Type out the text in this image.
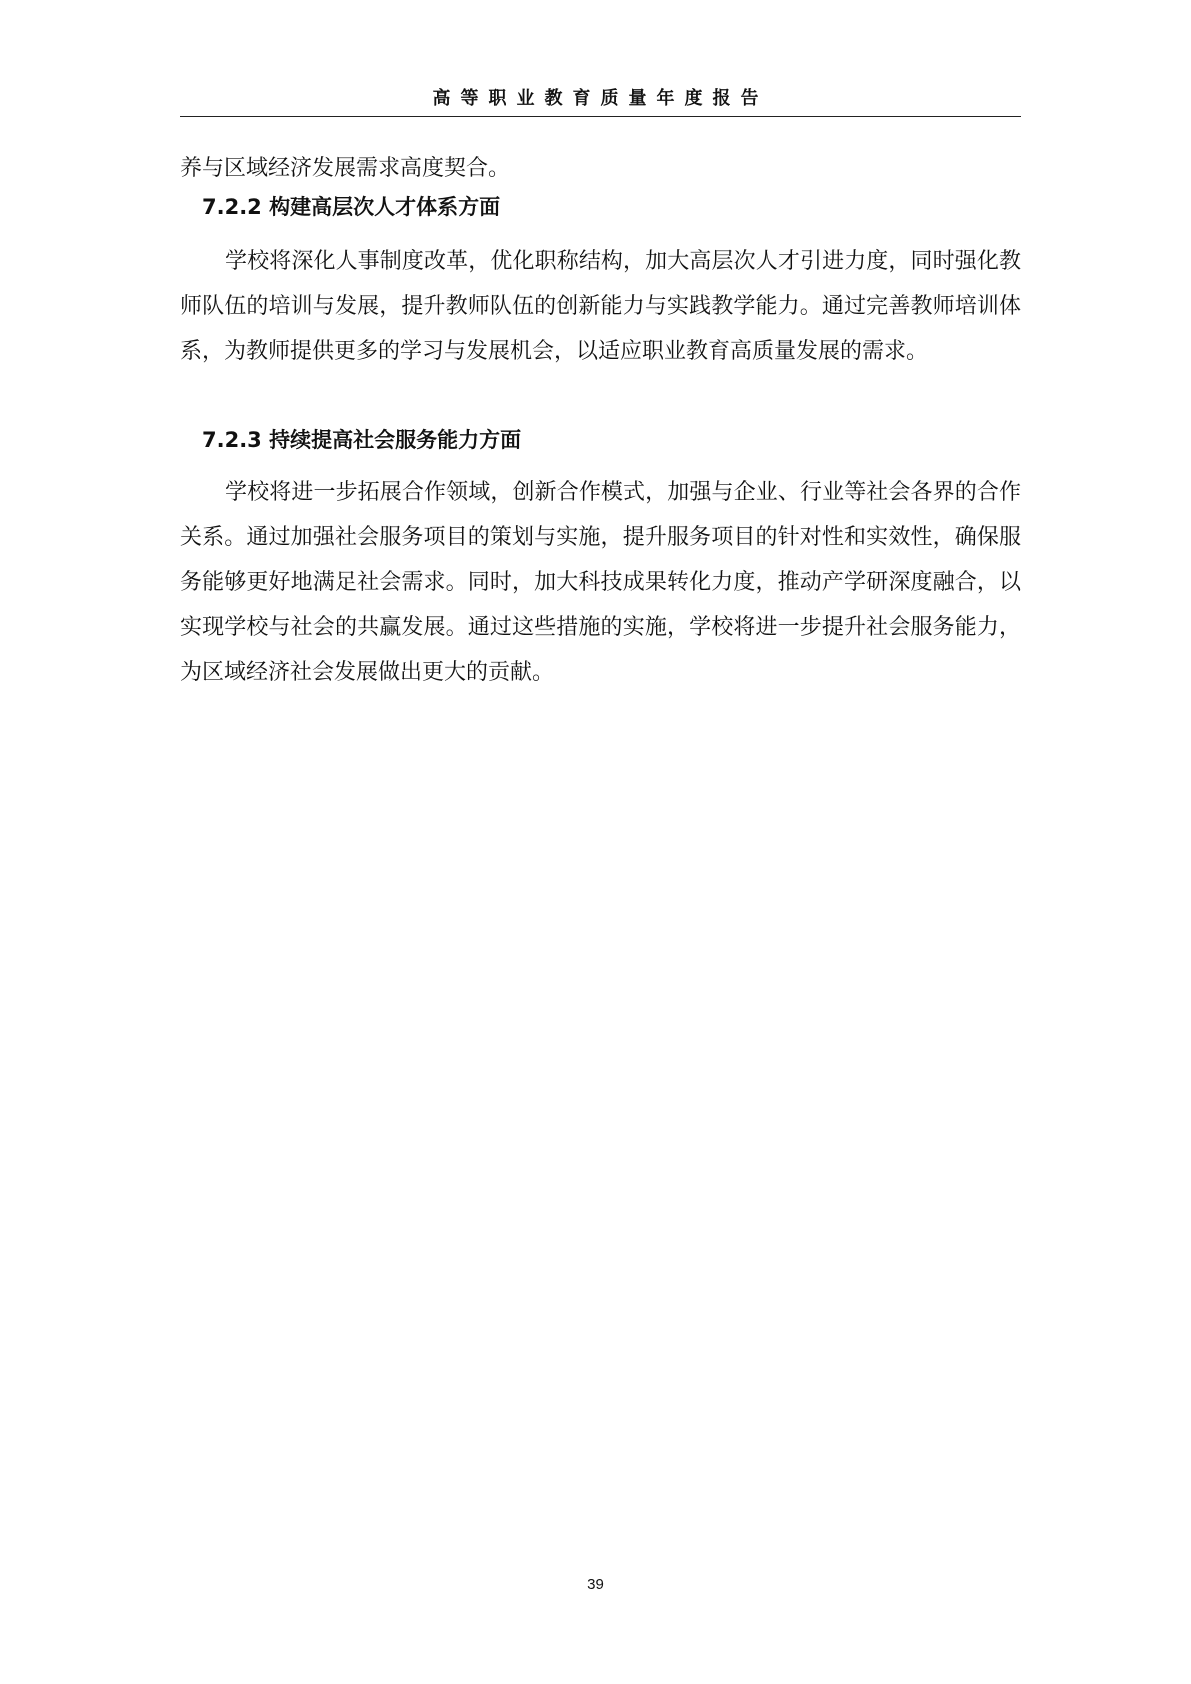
高等职业教育质量年度报告
养与区域经济发展需求高度契合。
7.2.2 构建高层次人才体系方面
学校将深化人事制度改革，优化职称结构，加大高层次人才引进力度，同时强化教师队伍的培训与发展，提升教师队伍的创新能力与实践教学能力。通过完善教师培训体系，为教师提供更多的学习与发展机会，以适应职业教育高质量发展的需求。
7.2.3 持续提高社会服务能力方面
学校将进一步拓展合作领域，创新合作模式，加强与企业、行业等社会各界的合作关系。通过加强社会服务项目的策划与实施，提升服务项目的针对性和实效性，确保服务能够更好地满足社会需求。同时，加大科技成果转化力度，推动产学研深度融合，以实现学校与社会的共赢发展。通过这些措施的实施，学校将进一步提升社会服务能力，为区域经济社会发展做出更大的贡献。
39
